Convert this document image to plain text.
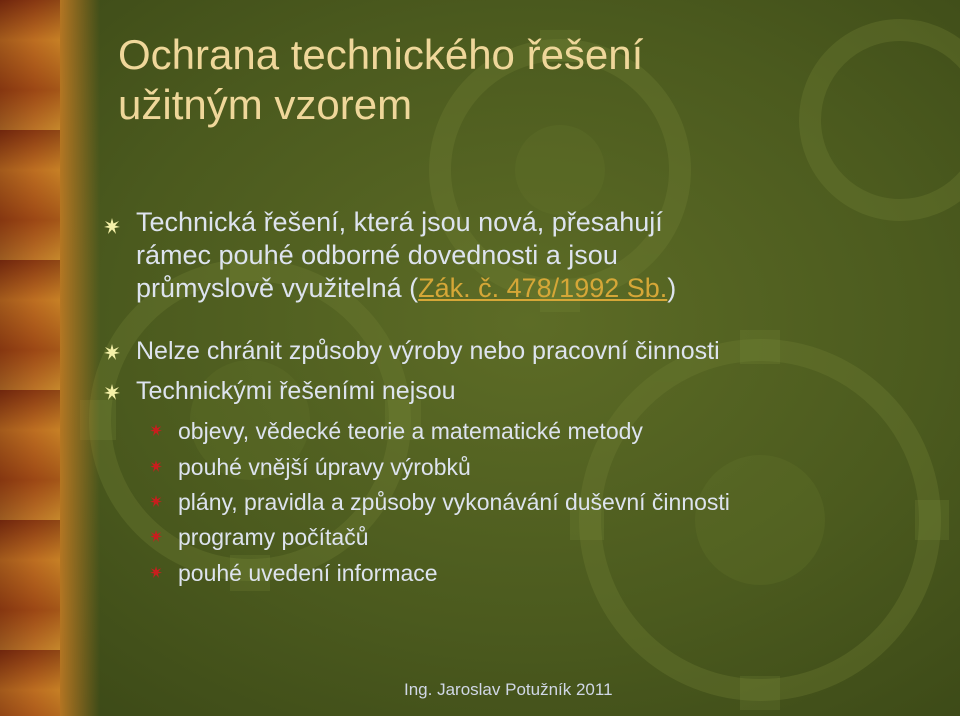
Ochrana technického řešení
užitným vzorem
Technická řešení, která jsou nová, přesahují
rámec pouhé odborné dovednosti a jsou
průmyslově využitelná (Zák. č. 478/1992 Sb.)
Nelze chránit způsoby výroby nebo pracovní činnosti
Technickými řešeními nejsou
objevy, vědecké teorie a matematické metody
pouhé vnější úpravy výrobků
plány, pravidla a způsoby vykonávání duševní činnosti
programy počítačů
pouhé uvedení informace
Ing. Jaroslav Potužník 2011
